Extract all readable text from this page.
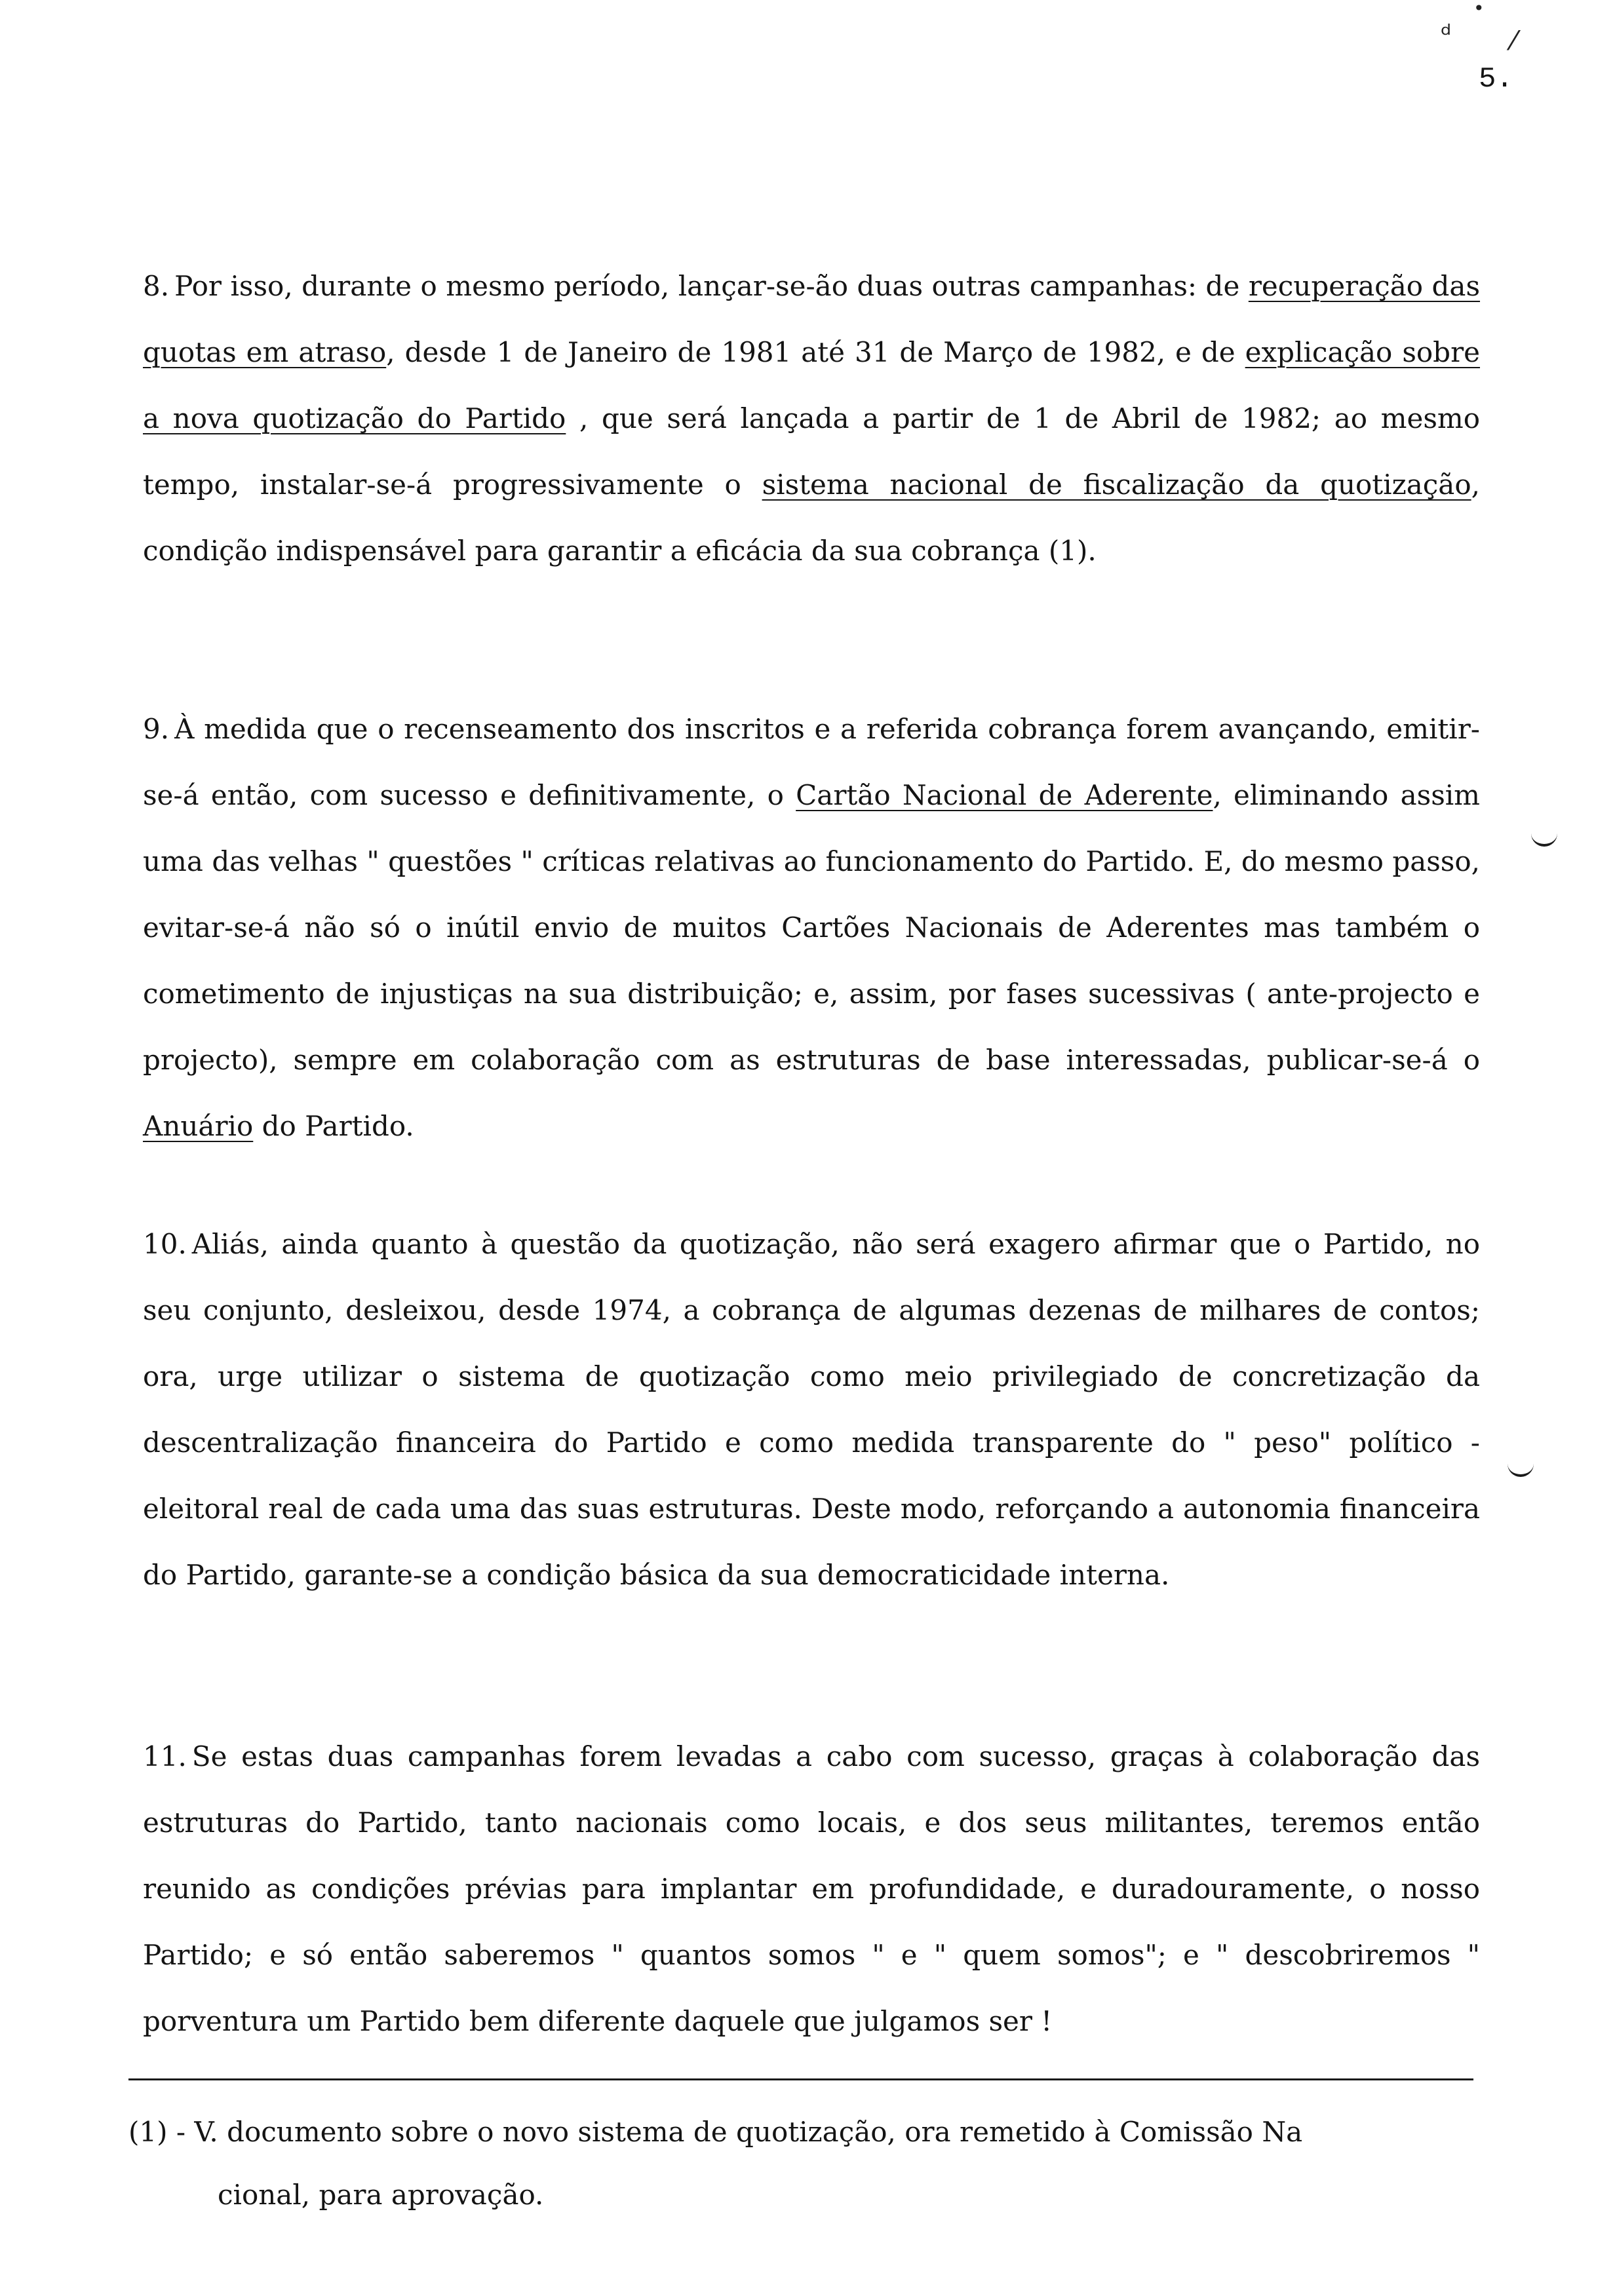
ᵈ ⁄
•
5.

8. Por isso, durante o mesmo período, lançar-se-ão duas outras campanhas: de recuperação das quotas em atraso, desde 1 de Janeiro de 1981 até 31 de Março de 1982, e de explicação sobre a nova quotização do Partido , que será lançada a partir de 1 de Abril de 1982; ao mesmo tempo, instalar-se-á progressivamente o sistema nacional de fiscalização da quotização, condição indispensável para garantir a eficácia da sua cobrança (1).

9. À medida que o recenseamento dos inscritos e a referida cobrança forem avançando, emitir-se-á então, com sucesso e definitivamente, o Cartão Nacional de Aderente, eliminando assim uma das velhas " questões " críticas relativas ao funcionamento do Partido. E, do mesmo passo, evitar-se-á não só o inútil envio de muitos Cartões Nacionais de Aderentes mas também o cometimento de injustiças na sua distribuição; e, assim, por fases sucessivas ( ante-projecto e projecto), sempre em colaboração com as estruturas de base interessadas, publicar-se-á o Anuário do Partido.

10. Aliás, ainda quanto à questão da quotização, não será exagero afirmar que o Partido, no seu conjunto, desleixou, desde 1974, a cobrança de algumas dezenas de milhares de contos; ora, urge utilizar o sistema de quotização como meio privilegiado de concretização da descentralização financeira do Partido e como medida transparente do " peso" político - eleitoral real de cada uma das suas estruturas. Deste modo, reforçando a autonomia financeira do Partido, garante-se a condição básica da sua democraticidade interna.

11. Se estas duas campanhas forem levadas a cabo com sucesso, graças à colaboração das estruturas do Partido, tanto nacionais como locais, e dos seus militantes, teremos então reunido as condições prévias para implantar em profundidade, e duradouramente, o nosso Partido; e só então saberemos " quantos somos " e " quem somos"; e " descobriremos " porventura um Partido bem diferente daquele que julgamos ser !

(1) - V. documento sobre o novo sistema de quotização, ora remetido à Comissão Na
cional, para aprovação.
